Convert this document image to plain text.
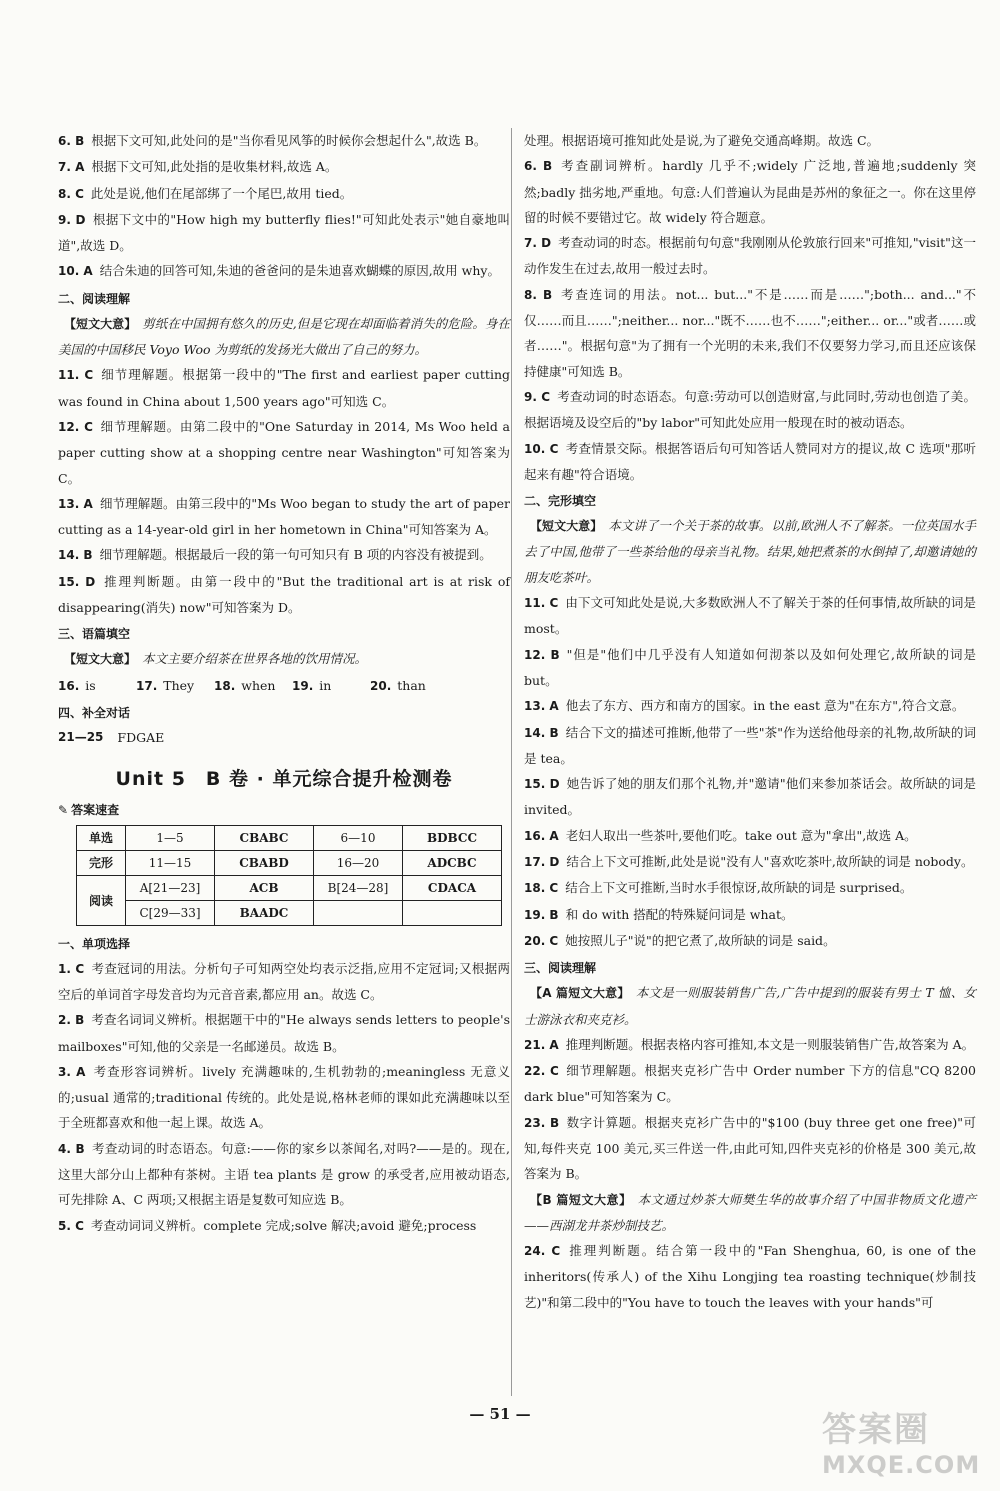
6. B 根据下文可知,此处问的是"当你看见风筝的时候你会想起什么",故选 B。

7. A 根据下文可知,此处指的是收集材料,故选 A。

8. C 此处是说,他们在尾部绑了一个尾巴,故用 tied。

9. D 根据下文中的"How high my butterfly flies!"可知此处表示"她自豪地叫道",故选 D。

10. A 结合朱迪的回答可知,朱迪的爸爸问的是朱迪喜欢蝴蝶的原因,故用 why。

二、阅读理解

【短文大意】 剪纸在中国拥有悠久的历史,但是它现在却面临着消失的危险。身在美国的中国移民 Voyo Woo 为剪纸的发扬光大做出了自己的努力。

11. C 细节理解题。根据第一段中的"The first and earliest paper cutting was found in China about 1,500 years ago"可知选 C。

12. C 细节理解题。由第二段中的"One Saturday in 2014, Ms Woo held a paper cutting show at a shopping centre near Washington"可知答案为 C。

13. A 细节理解题。由第三段中的"Ms Woo began to study the art of paper cutting as a 14-year-old girl in her hometown in China"可知答案为 A。

14. B 细节理解题。根据最后一段的第一句可知只有 B 项的内容没有被提到。

15. D 推理判断题。由第一段中的"But the traditional art is at risk of disappearing(消失) now"可知答案为 D。

三、语篇填空

【短文大意】 本文主要介绍茶在世界各地的饮用情况。

16. is	17. They	18. when	19. in	20. than
四、补全对话
21—25 FDGAE
Unit 5　B 卷 · 单元综合提升检测卷
✎ 答案速查
单选	1—5	CBABC	6—10	BDBCC
完形	11—15	CBABD	16—20	ADCBC
阅读	A[21—23]	ACB	B[24—28]	CDACA
	C[29—33]	BAADC		
一、单项选择

1. C 考查冠词的用法。分析句子可知两空处均表示泛指,应用不定冠词;又根据两空后的单词首字母发音均为元音音素,都应用 an。故选 C。

2. B 考查名词词义辨析。根据题干中的"He always sends letters to people's mailboxes"可知,他的父亲是一名邮递员。故选 B。

3. A 考查形容词辨析。lively 充满趣味的,生机勃勃的;meaningless 无意义的;usual 通常的;traditional 传统的。此处是说,格林老师的课如此充满趣味以至于全班都喜欢和他一起上课。故选 A。

4. B 考查动词的时态语态。句意:——你的家乡以茶闻名,对吗?——是的。现在,这里大部分山上都种有茶树。主语 tea plants 是 grow 的承受者,应用被动语态,可先排除 A、C 两项;又根据主语是复数可知应选 B。

5. C 考查动词词义辨析。complete 完成;solve 解决;avoid 避免;process

处理。根据语境可推知此处是说,为了避免交通高峰期。故选 C。

6. B 考查副词辨析。hardly 几乎不;widely 广泛地,普遍地;suddenly 突然;badly 拙劣地,严重地。句意:人们普遍认为昆曲是苏州的象征之一。你在这里停留的时候不要错过它。故 widely 符合题意。

7. D 考查动词的时态。根据前句句意"我刚刚从伦敦旅行回来"可推知,"visit"这一动作发生在过去,故用一般过去时。

8. B 考查连词的用法。not... but..."不是……而是……";both... and..."不仅……而且……";neither... nor..."既不……也不……";either... or..."或者……或者……"。根据句意"为了拥有一个光明的未来,我们不仅要努力学习,而且还应该保持健康"可知选 B。

9. C 考查动词的时态语态。句意:劳动可以创造财富,与此同时,劳动也创造了美。根据语境及设空后的"by labor"可知此处应用一般现在时的被动语态。

10. C 考查情景交际。根据答语后句可知答话人赞同对方的提议,故 C 选项"那听起来有趣"符合语境。

二、完形填空

【短文大意】 本文讲了一个关于茶的故事。以前,欧洲人不了解茶。一位英国水手去了中国,他带了一些茶给他的母亲当礼物。结果,她把煮茶的水倒掉了,却邀请她的朋友吃茶叶。

11. C 由下文可知此处是说,大多数欧洲人不了解关于茶的任何事情,故所缺的词是 most。

12. B "但是"他们中几乎没有人知道如何沏茶以及如何处理它,故所缺的词是 but。

13. A 他去了东方、西方和南方的国家。in the east 意为"在东方",符合文意。

14. B 结合下文的描述可推断,他带了一些"茶"作为送给他母亲的礼物,故所缺的词是 tea。

15. D 她告诉了她的朋友们那个礼物,并"邀请"他们来参加茶话会。故所缺的词是 invited。

16. A 老妇人取出一些茶叶,要他们吃。take out 意为"拿出",故选 A。

17. D 结合上下文可推断,此处是说"没有人"喜欢吃茶叶,故所缺的词是 nobody。

18. C 结合上下文可推断,当时水手很惊讶,故所缺的词是 surprised。

19. B 和 do with 搭配的特殊疑问词是 what。

20. C 她按照儿子"说"的把它煮了,故所缺的词是 said。

三、阅读理解

【A 篇短文大意】 本文是一则服装销售广告,广告中提到的服装有男士 T 恤、女士游泳衣和夹克衫。

21. A 推理判断题。根据表格内容可推知,本文是一则服装销售广告,故答案为 A。

22. C 细节理解题。根据夹克衫广告中 Order number 下方的信息"CQ 8200 dark blue"可知答案为 C。

23. B 数字计算题。根据夹克衫广告中的"$100 (buy three get one free)"可知,每件夹克 100 美元,买三件送一件,由此可知,四件夹克衫的价格是 300 美元,故答案为 B。

【B 篇短文大意】 本文通过炒茶大师樊生华的故事介绍了中国非物质文化遗产——西湖龙井茶炒制技艺。

24. C 推理判断题。结合第一段中的"Fan Shenghua, 60, is one of the inheritors(传承人) of the Xihu Longjing tea roasting technique(炒制技艺)"和第二段中的"You have to touch the leaves with your hands"可

— 51 —	答案圈
MXQE.COM
